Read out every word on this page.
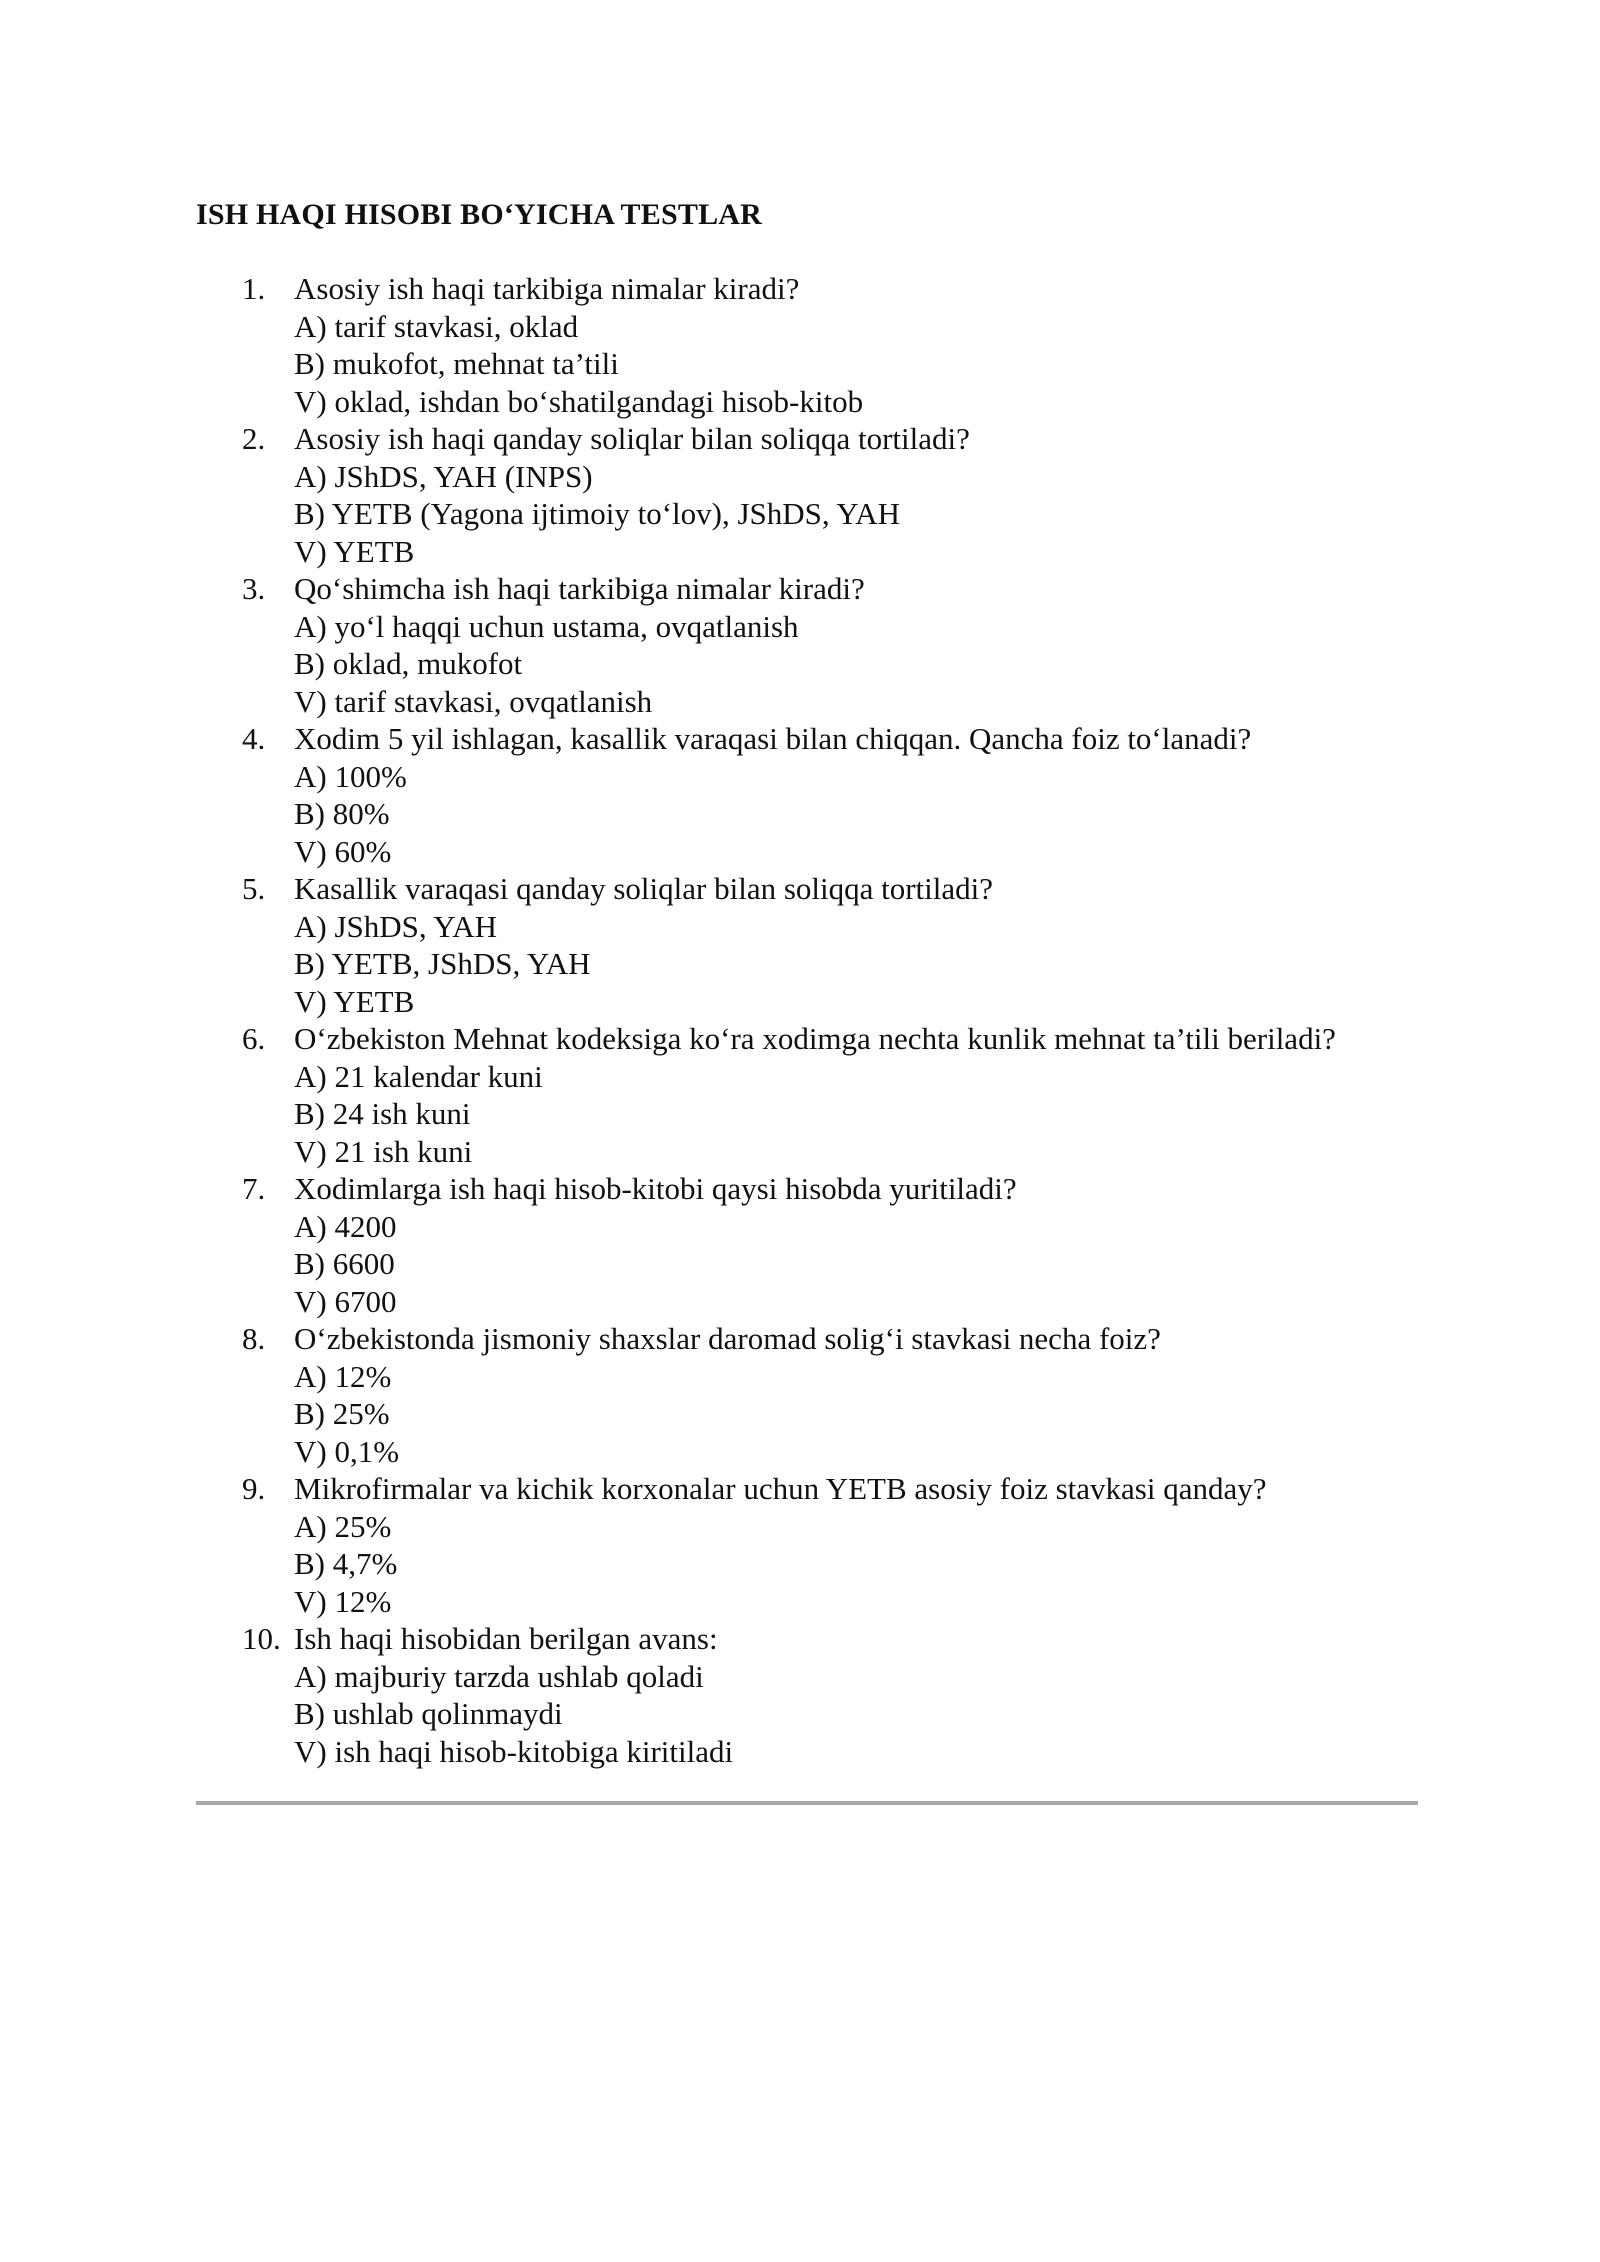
ISH HAQI HISOBI BO‘YICHA TESTLAR
1. Asosiy ish haqi tarkibiga nimalar kiradi?
A) tarif stavkasi, oklad
B) mukofot, mehnat ta’tili
V) oklad, ishdan bo‘shatilgandagi hisob-kitob
2. Asosiy ish haqi qanday soliqlar bilan soliqqa tortiladi?
A) JShDS, YAH (INPS)
B) YETB (Yagona ijtimoiy to‘lov), JShDS, YAH
V) YETB
3. Qo‘shimcha ish haqi tarkibiga nimalar kiradi?
A) yo‘l haqqi uchun ustama, ovqatlanish
B) oklad, mukofot
V) tarif stavkasi, ovqatlanish
4. Xodim 5 yil ishlagan, kasallik varaqasi bilan chiqqan. Qancha foiz to‘lanadi?
A) 100%
B) 80%
V) 60%
5. Kasallik varaqasi qanday soliqlar bilan soliqqa tortiladi?
A) JShDS, YAH
B) YETB, JShDS, YAH
V) YETB
6. O‘zbekiston Mehnat kodeksiga ko‘ra xodimga nechta kunlik mehnat ta’tili beriladi?
A) 21 kalendar kuni
B) 24 ish kuni
V) 21 ish kuni
7. Xodimlarga ish haqi hisob-kitobi qaysi hisobda yuritiladi?
A) 4200
B) 6600
V) 6700
8. O‘zbekistonda jismoniy shaxslar daromad solig‘i stavkasi necha foiz?
A) 12%
B) 25%
V) 0,1%
9. Mikrofirmalar va kichik korxonalar uchun YETB asosiy foiz stavkasi qanday?
A) 25%
B) 4,7%
V) 12%
10. Ish haqi hisobidan berilgan avans:
A) majburiy tarzda ushlab qoladi
B) ushlab qolinmaydi
V) ish haqi hisob-kitobiga kiritiladi
